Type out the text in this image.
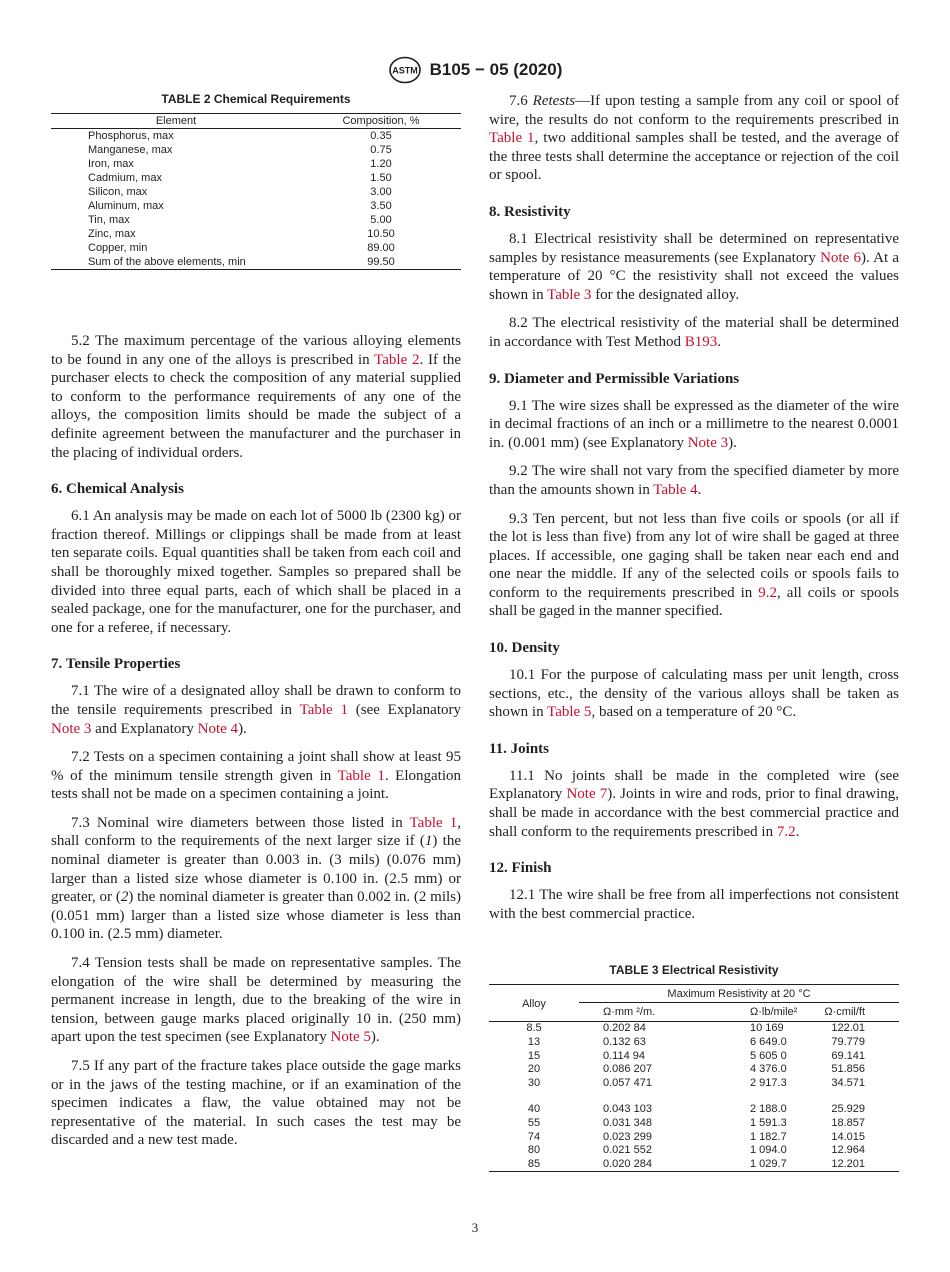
ASTM B105 − 05 (2020)
TABLE 2 Chemical Requirements
Element	Composition, %
Phosphorus, max	0.35
Manganese, max	0.75
Iron, max	1.20
Cadmium, max	1.50
Silicon, max	3.00
Aluminum, max	3.50
Tin, max	5.00
Zinc, max	10.50
Copper, min	89.00
Sum of the above elements, min	99.50

5.2 The maximum percentage of the various alloying elements to be found in any one of the alloys is prescribed in Table 2. If the purchaser elects to check the composition of any material supplied to conform to the performance requirements of any one of the alloys, the composition limits should be made the subject of a definite agreement between the manufacturer and the purchaser in the placing of individual orders.

6. Chemical Analysis

6.1 An analysis may be made on each lot of 5000 lb (2300 kg) or fraction thereof. Millings or clippings shall be made from at least ten separate coils. Equal quantities shall be taken from each coil and shall be thoroughly mixed together. Samples so prepared shall be divided into three equal parts, each of which shall be placed in a sealed package, one for the manufacturer, one for the purchaser, and one for a referee, if necessary.

7. Tensile Properties

7.1 The wire of a designated alloy shall be drawn to conform to the tensile requirements prescribed in Table 1 (see Explanatory Note 3 and Explanatory Note 4).

7.2 Tests on a specimen containing a joint shall show at least 95 % of the minimum tensile strength given in Table 1. Elongation tests shall not be made on a specimen containing a joint.

7.3 Nominal wire diameters between those listed in Table 1, shall conform to the requirements of the next larger size if (1) the nominal diameter is greater than 0.003 in. (3 mils) (0.076 mm) larger than a listed size whose diameter is 0.100 in. (2.5 mm) or greater, or (2) the nominal diameter is greater than 0.002 in. (2 mils) (0.051 mm) larger than a listed size whose diameter is less than 0.100 in. (2.5 mm) diameter.

7.4 Tension tests shall be made on representative samples. The elongation of the wire shall be determined by measuring the permanent increase in length, due to the breaking of the wire in tension, between gauge marks placed originally 10 in. (250 mm) apart upon the test specimen (see Explanatory Note 5).

7.5 If any part of the fracture takes place outside the gage marks or in the jaws of the testing machine, or if an examination of the specimen indicates a flaw, the value obtained may not be representative of the material. In such cases the test may be discarded and a new test made.

7.6 Retests—If upon testing a sample from any coil or spool of wire, the results do not conform to the requirements prescribed in Table 1, two additional samples shall be tested, and the average of the three tests shall determine the acceptance or rejection of the coil or spool.

8. Resistivity

8.1 Electrical resistivity shall be determined on representative samples by resistance measurements (see Explanatory Note 6). At a temperature of 20 °C the resistivity shall not exceed the values shown in Table 3 for the designated alloy.

8.2 The electrical resistivity of the material shall be determined in accordance with Test Method B193.

9. Diameter and Permissible Variations

9.1 The wire sizes shall be expressed as the diameter of the wire in decimal fractions of an inch or a millimetre to the nearest 0.0001 in. (0.001 mm) (see Explanatory Note 3).

9.2 The wire shall not vary from the specified diameter by more than the amounts shown in Table 4.

9.3 Ten percent, but not less than five coils or spools (or all if the lot is less than five) from any lot of wire shall be gaged at three places. If accessible, one gaging shall be taken near each end and one near the middle. If any of the selected coils or spools fails to conform to the requirements prescribed in 9.2, all coils or spools shall be gaged in the manner specified.

10. Density

10.1 For the purpose of calculating mass per unit length, cross sections, etc., the density of the various alloys shall be taken as shown in Table 5, based on a temperature of 20 °C.

11. Joints

11.1 No joints shall be made in the completed wire (see Explanatory Note 7). Joints in wire and rods, prior to final drawing, shall be made in accordance with the best commercial practice and shall conform to the requirements prescribed in 7.2.

12. Finish

12.1 The wire shall be free from all imperfections not consistent with the best commercial practice.

TABLE 3 Electrical Resistivity
Alloy	Maximum Resistivity at 20 °C		
	Ω·mm ²/m.	Ω·lb/mile²	Ω·cmil/ft
8.5	0.202 84	10 169	122.01
13	0.132 63	6 649.0	79.779
15	0.114 94	5 605 0	69.141
20	0.086 207	4 376.0	51.856
30	0.057 471	2 917.3	34.571

40	0.043 103	2 188.0	25.929
55	0.031 348	1 591.3	18.857
74	0.023 299	1 182.7	14.015
80	0.021 552	1 094.0	12.964
85	0.020 284	1 029.7	12.201
3
